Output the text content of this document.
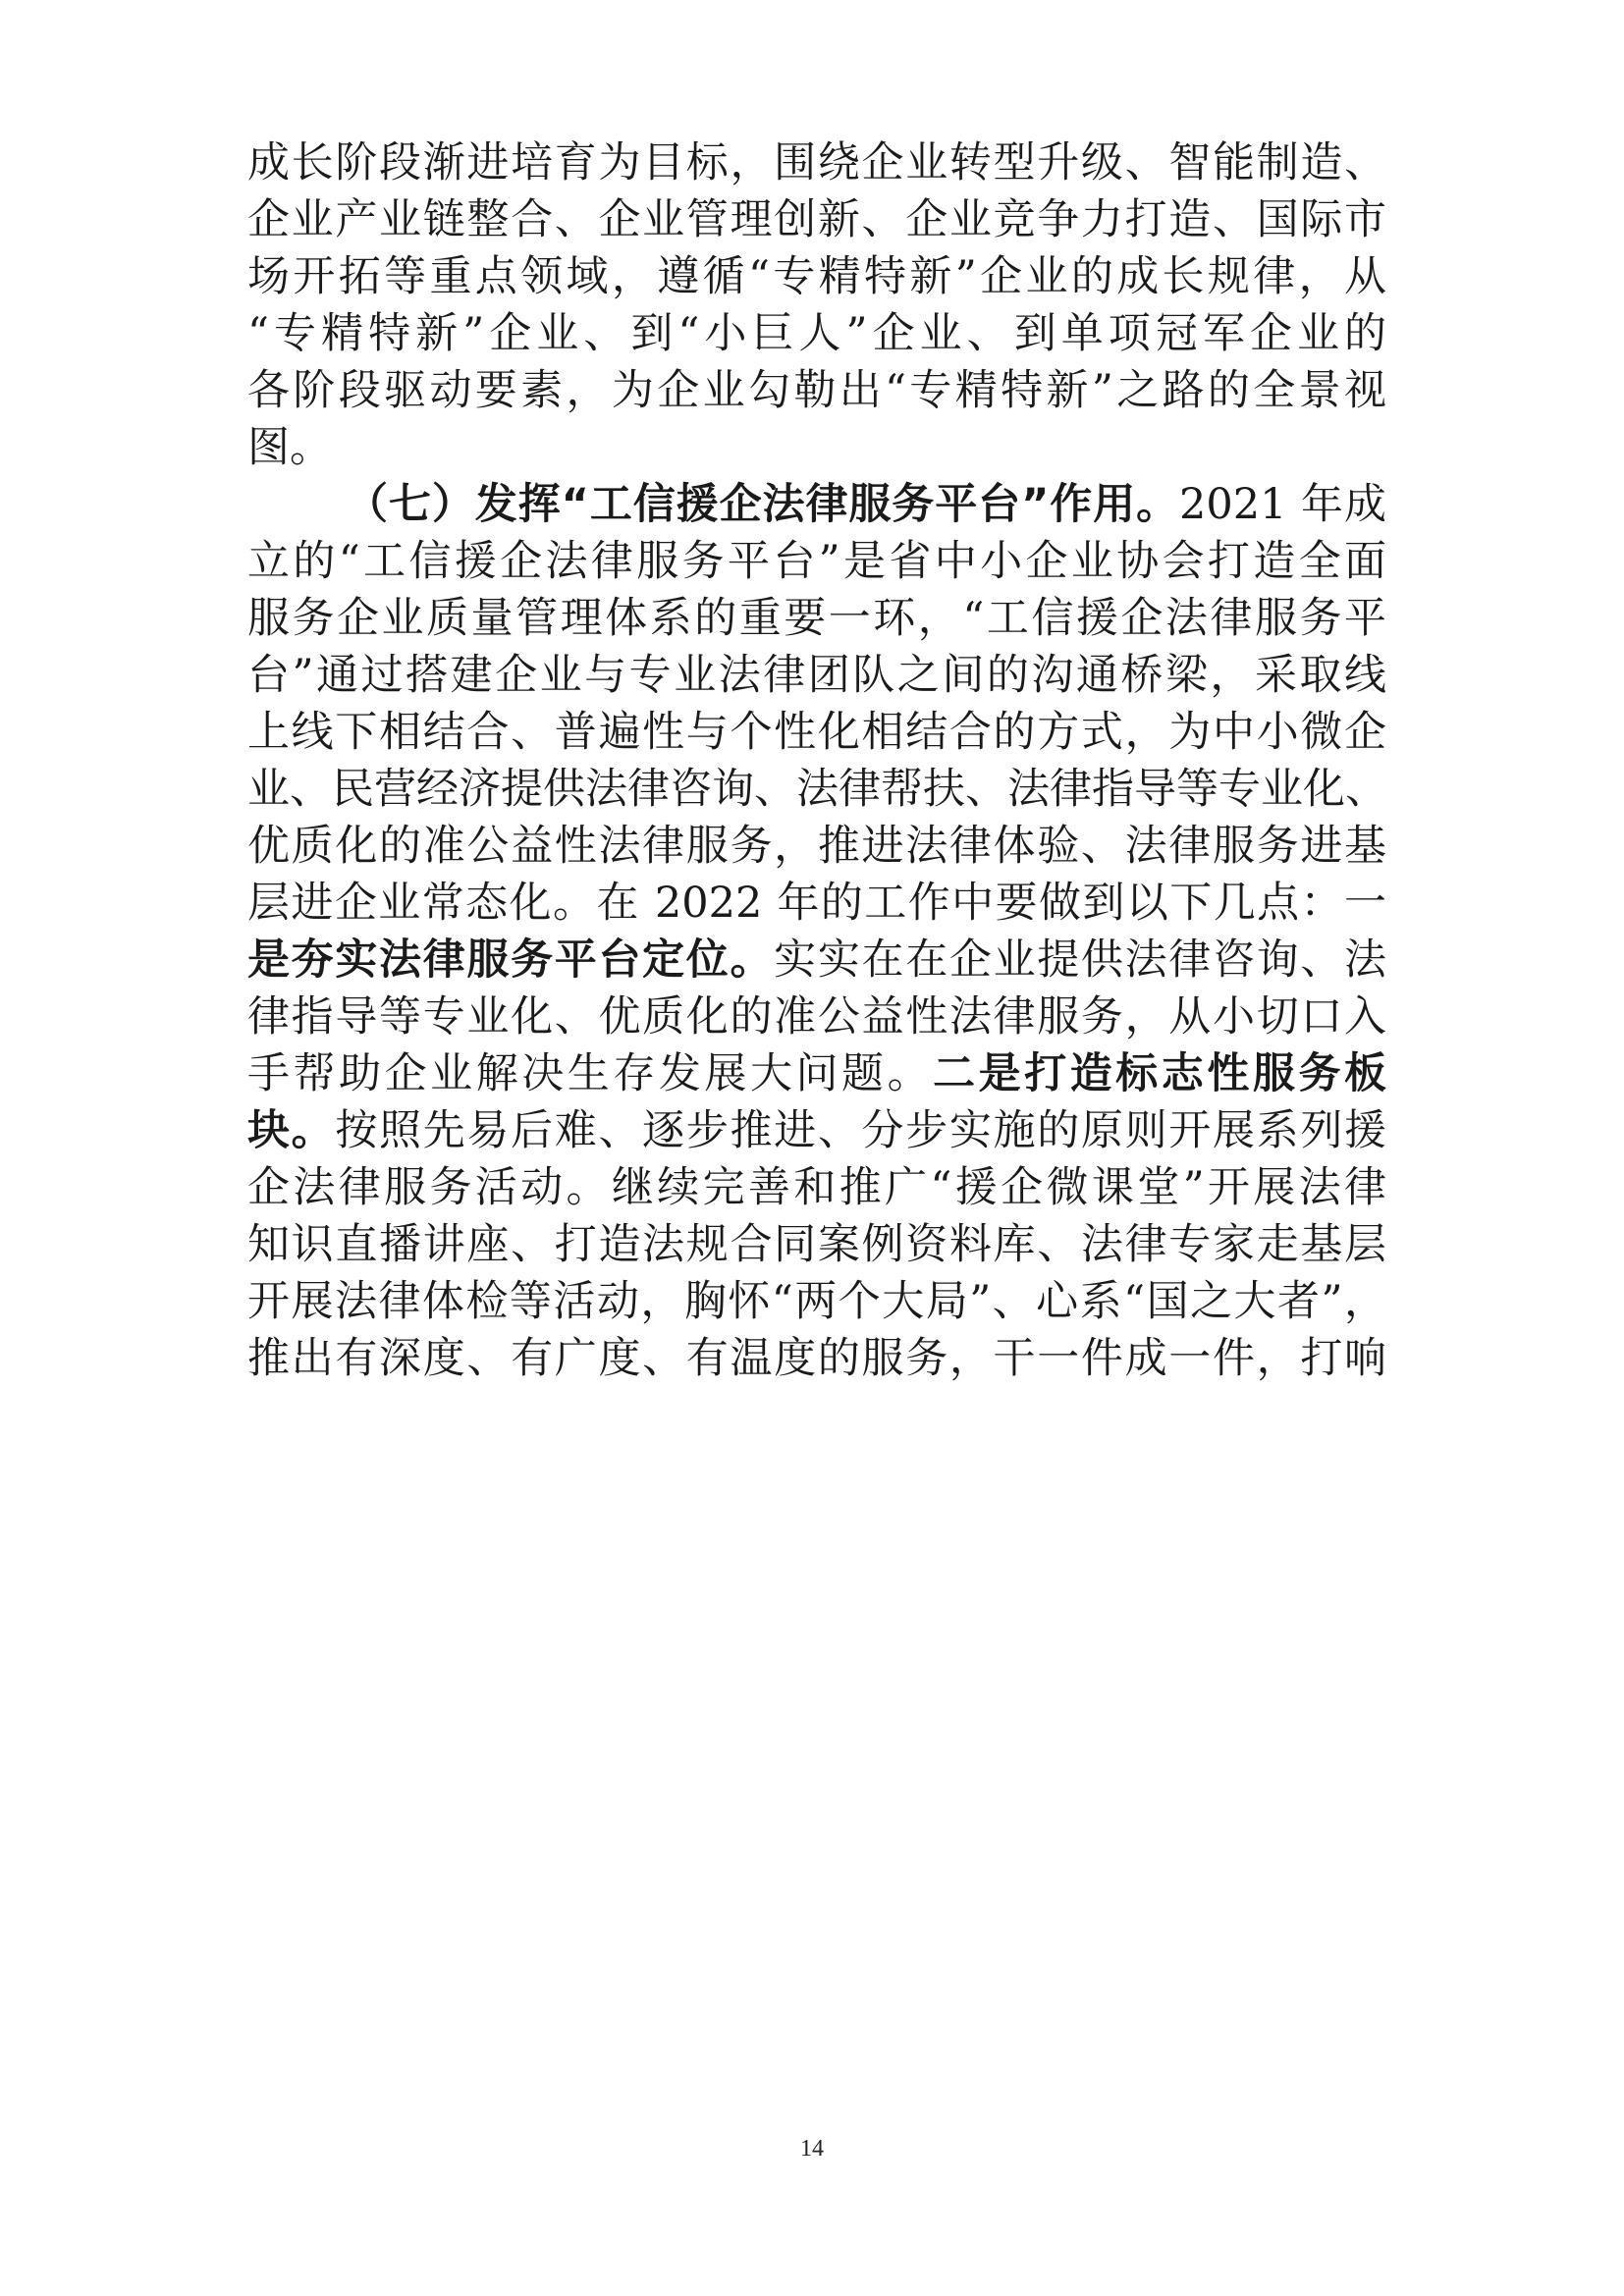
成长阶段渐进培育为目标，围绕企业转型升级、智能制造、
企业产业链整合、企业管理创新、企业竞争力打造、国际市
场开拓等重点领域，遵循“专精特新”企业的成长规律，从
“专精特新”企业、到“小巨人”企业、到单项冠军企业的
各阶段驱动要素，为企业勾勒出“专精特新”之路的全景视
图。
（七）发挥“工信援企法律服务平台”作用。2021 年成
立的“工信援企法律服务平台”是省中小企业协会打造全面
服务企业质量管理体系的重要一环，“工信援企法律服务平
台”通过搭建企业与专业法律团队之间的沟通桥梁，采取线
上线下相结合、普遍性与个性化相结合的方式，为中小微企
业、民营经济提供法律咨询、法律帮扶、法律指导等专业化、
优质化的准公益性法律服务，推进法律体验、法律服务进基
层进企业常态化。在 2022 年的工作中要做到以下几点：一
是夯实法律服务平台定位。实实在在企业提供法律咨询、法
律指导等专业化、优质化的准公益性法律服务，从小切口入
手帮助企业解决生存发展大问题。二是打造标志性服务板
块。按照先易后难、逐步推进、分步实施的原则开展系列援
企法律服务活动。继续完善和推广“援企微课堂”开展法律
知识直播讲座、打造法规合同案例资料库、法律专家走基层
开展法律体检等活动，胸怀“两个大局”、心系“国之大者”，
推出有深度、有广度、有温度的服务，干一件成一件，打响
14
